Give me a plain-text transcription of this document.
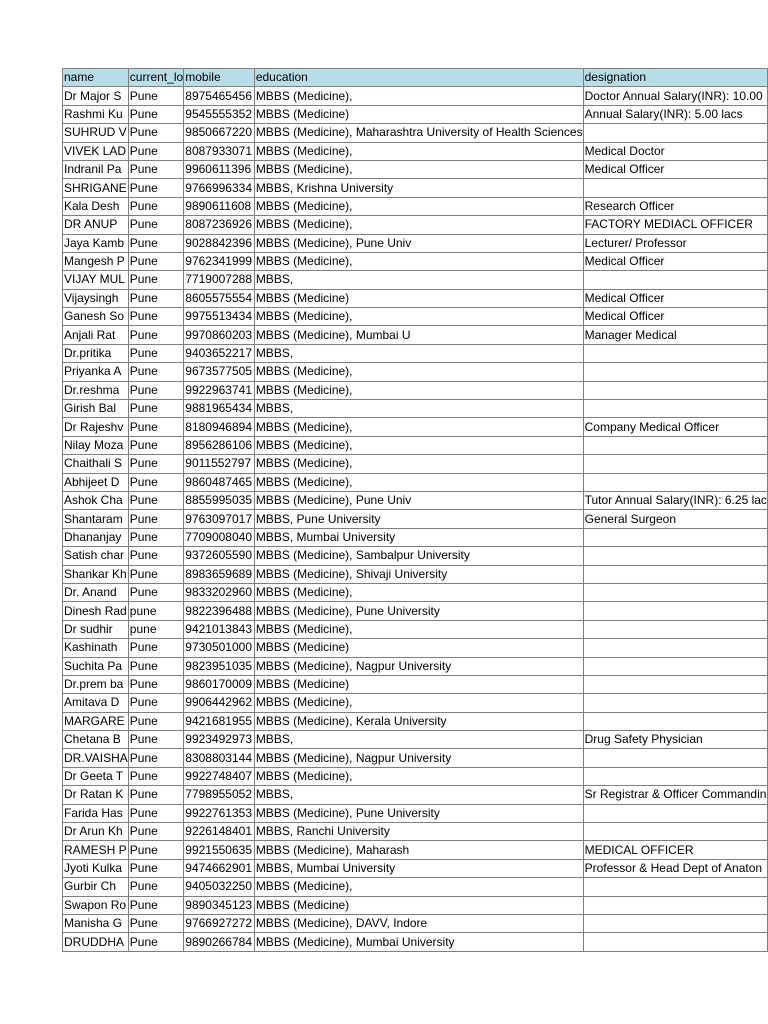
name	current_lo	mobile	education	designation
Dr Major S	Pune	8975465456	MBBS (Medicine),	Doctor Annual Salary(INR): 10.00
Rashmi Ku	Pune	9545555352	MBBS (Medicine)	Annual Salary(INR): 5.00 lacs
SUHRUD V	Pune	9850667220	MBBS (Medicine), Maharashtra University of Health Sciences	
VIVEK LAD	Pune	8087933071	MBBS (Medicine),	Medical Doctor
Indranil Pa	Pune	9960611396	MBBS (Medicine),	Medical Officer
SHRIGANE	Pune	9766996334	MBBS, Krishna University	
Kala Desh	Pune	9890611608	MBBS (Medicine),	Research Officer
DR ANUP	Pune	8087236926	MBBS (Medicine),	FACTORY MEDIACL OFFICER
Jaya Kamb	Pune	9028842396	MBBS (Medicine), Pune Univ	Lecturer/ Professor
Mangesh P	Pune	9762341999	MBBS (Medicine),	Medical Officer
VIJAY MUL	Pune	7719007288	MBBS,	
Vijaysingh	Pune	8605575554	MBBS (Medicine)	Medical Officer
Ganesh So	Pune	9975513434	MBBS (Medicine),	Medical Officer
Anjali Rat	Pune	9970860203	MBBS (Medicine), Mumbai U	Manager Medical
Dr.pritika	Pune	9403652217	MBBS,	
Priyanka A	Pune	9673577505	MBBS (Medicine),	
Dr.reshma	Pune	9922963741	MBBS (Medicine),	
Girish Bal	Pune	9881965434	MBBS,	
Dr Rajeshv	Pune	8180946894	MBBS (Medicine),	Company Medical Officer
Nilay Moza	Pune	8956286106	MBBS (Medicine),	
Chaithali S	Pune	9011552797	MBBS (Medicine),	
Abhijeet D	Pune	9860487465	MBBS (Medicine),	
Ashok Cha	Pune	8855995035	MBBS (Medicine), Pune Univ	Tutor Annual Salary(INR): 6.25 lac
Shantaram	Pune	9763097017	MBBS, Pune University	General Surgeon
Dhananjay	Pune	7709008040	MBBS, Mumbai University	
Satish char	Pune	9372605590	MBBS (Medicine), Sambalpur University	
Shankar Kh	Pune	8983659689	MBBS (Medicine), Shivaji University	
Dr. Anand	Pune	9833202960	MBBS (Medicine),	
Dinesh Rad	pune	9822396488	MBBS (Medicine), Pune University	
Dr sudhir	pune	9421013843	MBBS (Medicine),	
Kashinath	Pune	9730501000	MBBS (Medicine)	
Suchita Pa	Pune	9823951035	MBBS (Medicine), Nagpur University	
Dr.prem ba	Pune	9860170009	MBBS (Medicine)	
Amitava D	Pune	9906442962	MBBS (Medicine),	
MARGARE	Pune	9421681955	MBBS (Medicine), Kerala University	
Chetana B	Pune	9923492973	MBBS,	Drug Safety Physician
DR.VAISHA	Pune	8308803144	MBBS (Medicine), Nagpur University	
Dr Geeta T	Pune	9922748407	MBBS (Medicine),	
Dr Ratan K	Pune	7798955052	MBBS,	Sr Registrar & Officer Commandin
Farida Has	Pune	9922761353	MBBS (Medicine), Pune University	
Dr Arun Kh	Pune	9226148401	MBBS, Ranchi University	
RAMESH P	Pune	9921550635	MBBS (Medicine), Maharash	MEDICAL OFFICER
Jyoti Kulka	Pune	9474662901	MBBS, Mumbai University	Professor & Head Dept of Anaton
Gurbir Ch	Pune	9405032250	MBBS (Medicine),	
Swapon Ro	Pune	9890345123	MBBS (Medicine)	
Manisha G	Pune	9766927272	MBBS (Medicine), DAVV, Indore	
DRUDDHA	Pune	9890266784	MBBS (Medicine), Mumbai University	
